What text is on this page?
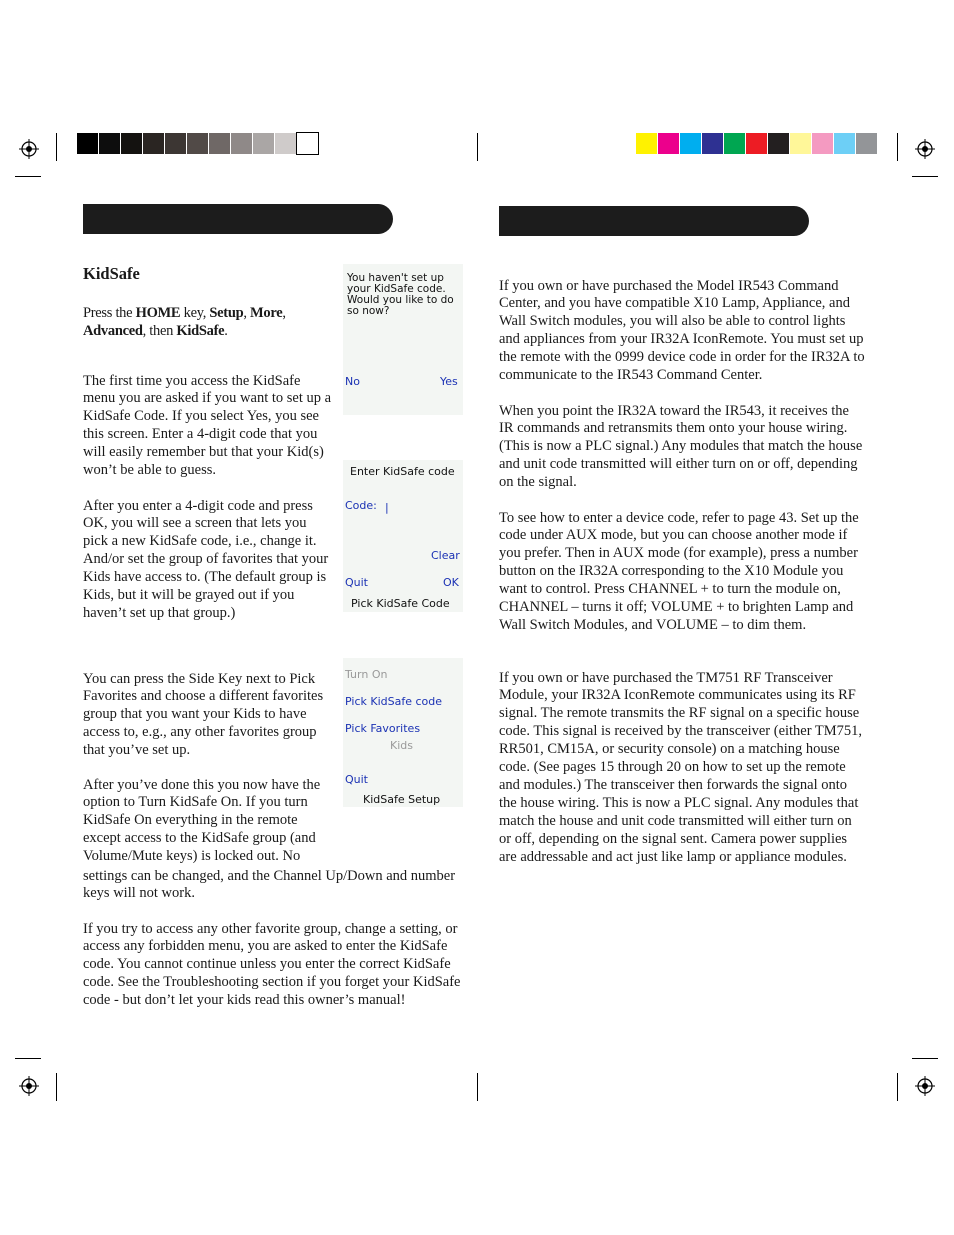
KidSafe
Press the HOME key, Setup, More,
Advanced, then KidSafe.

The first time you access the KidSafe menu you are asked if you want to set up a KidSafe Code. If you select Yes, you see this screen. Enter a 4-digit code that you will easily remember but that your Kid(s) won’t be able to guess.

After you enter a 4-digit code and press OK, you will see a screen that lets you pick a new KidSafe code, i.e., change it. And/or set the group of favorites that your Kids have access to. (The default group is Kids, but it will be grayed out if you haven’t set up that group.)

You can press the Side Key next to Pick Favorites and choose a different favorites group that you want your Kids to have access to, e.g., any other favorites group that you’ve set up.

After you’ve done this you now have the option to Turn KidSafe On. If you turn KidSafe On everything in the remote except access to the KidSafe group (and Volume/Mute keys) is locked out. No

settings can be changed, and the Channel Up/Down and number keys will not work.

If you try to access any other favorite group, change a setting, or access any forbidden menu, you are asked to enter the KidSafe code. You cannot continue unless you enter the correct KidSafe code. See the Troubleshooting section if you forget your KidSafe code - but don’t let your kids read this owner’s manual!

You haven't set up
your KidSafe code.
Would you like to do
so now?
No	Yes
Enter KidSafe code
Code: |
Clear
Quit	OK
Pick KidSafe Code
Turn On
Pick KidSafe code
Pick Favorites
Kids
Quit
KidSafe Setup

If you own or have purchased the Model IR543 Command Center, and you have compatible X10 Lamp, Appliance, and Wall Switch modules, you will also be able to control lights and appliances from your IR32A IconRemote. You must set up the remote with the 0999 device code in order for the IR32A to communicate to the IR543 Command Center.

When you point the IR32A toward the IR543, it receives the IR commands and retransmits them onto your house wiring. (This is now a PLC signal.) Any modules that match the house and unit code transmitted will either turn on or off, depending on the signal.

To see how to enter a device code, refer to page 43. Set up the code under AUX mode, but you can choose another mode if you prefer. Then in AUX mode (for example), press a number button on the IR32A corresponding to the X10 Module you want to control. Press CHANNEL + to turn the module on, CHANNEL – turns it off; VOLUME + to brighten Lamp and Wall Switch Modules, and VOLUME – to dim them.

If you own or have purchased the TM751 RF Transceiver Module, your IR32A IconRemote communicates using its RF signal. The remote transmits the RF signal on a specific house code. This signal is received by the transceiver (either TM751, RR501, CM15A, or security console) on a matching house code. (See pages 15 through 20 on how to set up the remote and modules.) The transceiver then forwards the signal onto the house wiring. This is now a PLC signal. Any modules that match the house and unit code transmitted will either turn on or off, depending on the signal sent. Camera power supplies are addressable and act just like lamp or appliance modules.
